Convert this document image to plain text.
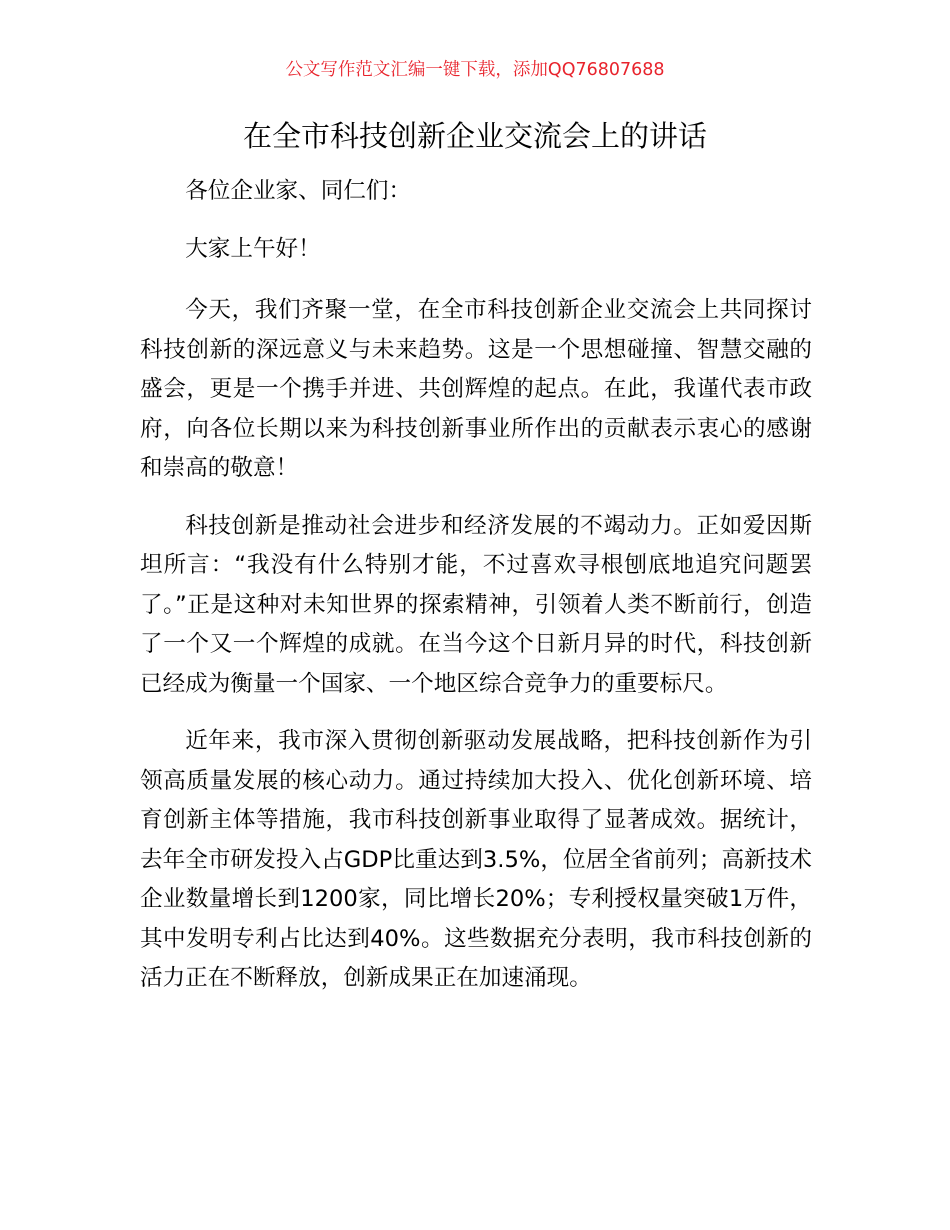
公文写作范文汇编一键下载，添加QQ76807688
在全市科技创新企业交流会上的讲话

各位企业家、同仁们：

大家上午好！

今天，我们齐聚一堂，在全市科技创新企业交流会上共同探讨科技创新的深远意义与未来趋势。这是一个思想碰撞、智慧交融的盛会，更是一个携手并进、共创辉煌的起点。在此，我谨代表市政府，向各位长期以来为科技创新事业所作出的贡献表示衷心的感谢和崇高的敬意！

科技创新是推动社会进步和经济发展的不竭动力。正如爱因斯坦所言：“我没有什么特别才能，不过喜欢寻根刨底地追究问题罢了。”正是这种对未知世界的探索精神，引领着人类不断前行，创造了一个又一个辉煌的成就。在当今这个日新月异的时代，科技创新已经成为衡量一个国家、一个地区综合竞争力的重要标尺。

近年来，我市深入贯彻创新驱动发展战略，把科技创新作为引领高质量发展的核心动力。通过持续加大投入、优化创新环境、培育创新主体等措施，我市科技创新事业取得了显著成效。据统计，去年全市研发投入占GDP比重达到3.5%，位居全省前列；高新技术企业数量增长到1200家，同比增长20%；专利授权量突破1万件，其中发明专利占比达到40%。这些数据充分表明，我市科技创新的活力正在不断释放，创新成果正在加速涌现。
